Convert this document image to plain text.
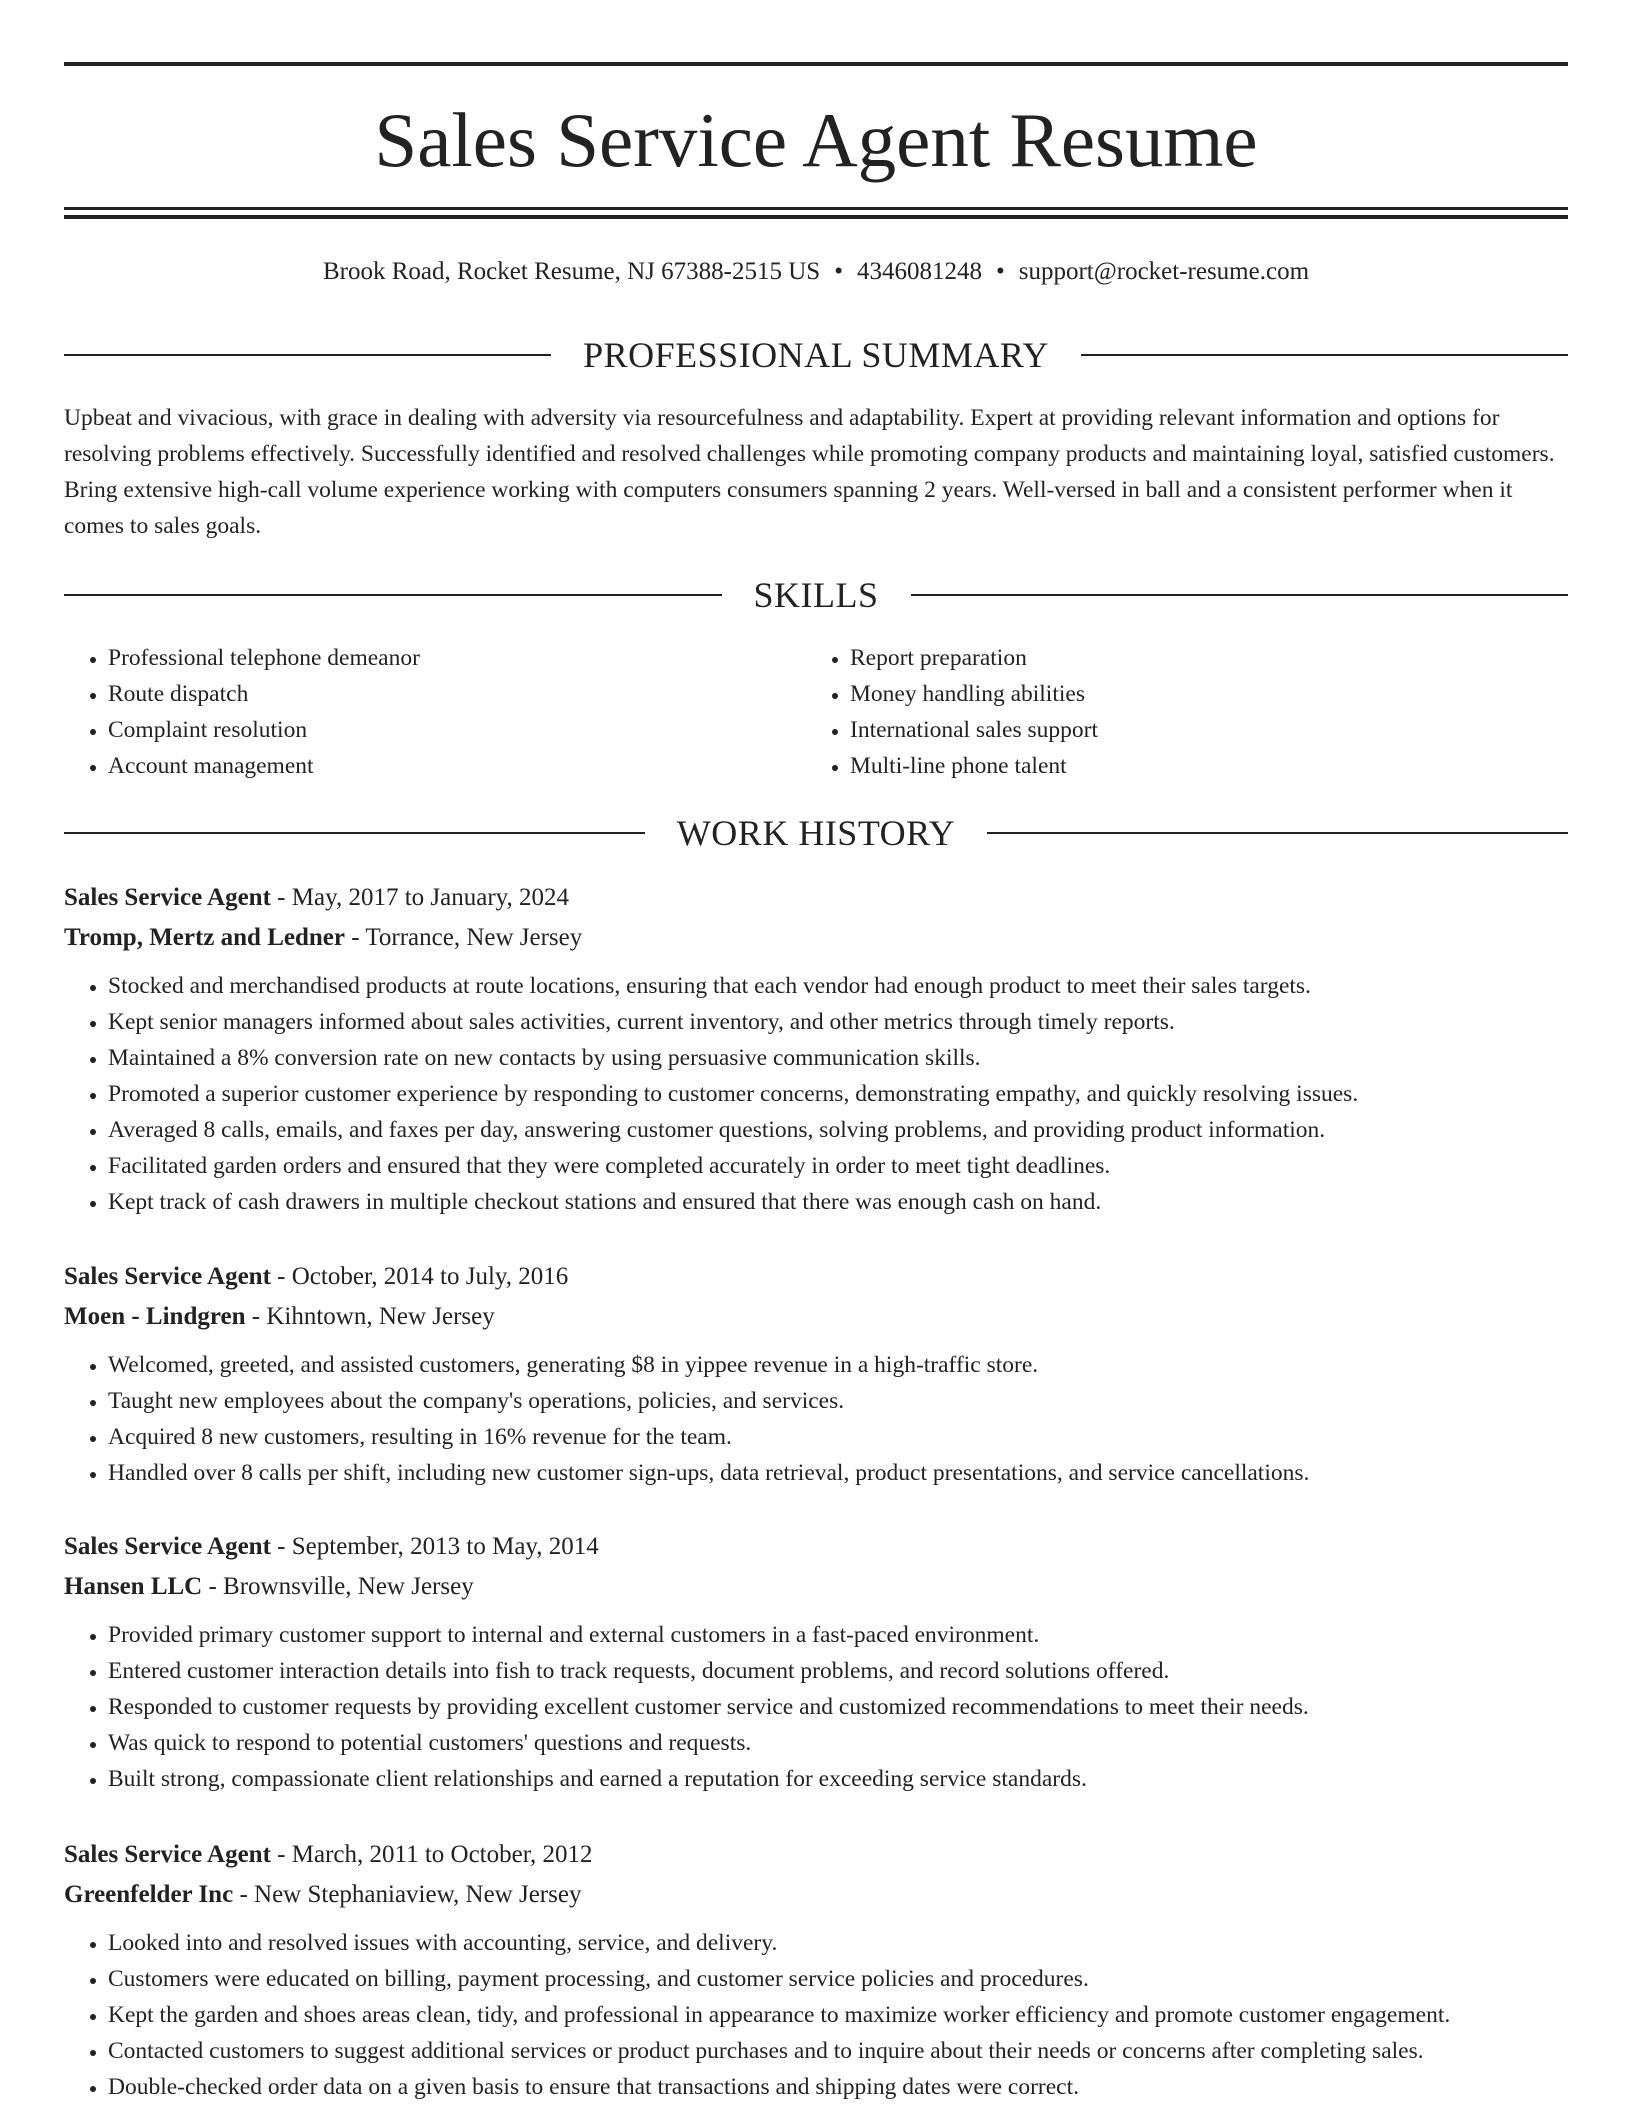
Sales Service Agent Resume
Brook Road, Rocket Resume, NJ 67388-2515 US • 4346081248 • support@rocket-resume.com
PROFESSIONAL SUMMARY

Upbeat and vivacious, with grace in dealing with adversity via resourcefulness and adaptability. Expert at providing relevant information and options for resolving problems effectively. Successfully identified and resolved challenges while promoting company products and maintaining loyal, satisfied customers. Bring extensive high-call volume experience working with computers consumers spanning 2 years. Well-versed in ball and a consistent performer when it comes to sales goals.

SKILLS
• Professional telephone demeanor
• Route dispatch
• Complaint resolution
• Account management
• Report preparation
• Money handling abilities
• International sales support
• Multi-line phone talent
WORK HISTORY
Sales Service Agent - May, 2017 to January, 2024
Tromp, Mertz and Ledner - Torrance, New Jersey
• Stocked and merchandised products at route locations, ensuring that each vendor had enough product to meet their sales targets.
• Kept senior managers informed about sales activities, current inventory, and other metrics through timely reports.
• Maintained a 8% conversion rate on new contacts by using persuasive communication skills.
• Promoted a superior customer experience by responding to customer concerns, demonstrating empathy, and quickly resolving issues.
• Averaged 8 calls, emails, and faxes per day, answering customer questions, solving problems, and providing product information.
• Facilitated garden orders and ensured that they were completed accurately in order to meet tight deadlines.
• Kept track of cash drawers in multiple checkout stations and ensured that there was enough cash on hand.
Sales Service Agent - October, 2014 to July, 2016
Moen - Lindgren - Kihntown, New Jersey
• Welcomed, greeted, and assisted customers, generating $8 in yippee revenue in a high-traffic store.
• Taught new employees about the company's operations, policies, and services.
• Acquired 8 new customers, resulting in 16% revenue for the team.
• Handled over 8 calls per shift, including new customer sign-ups, data retrieval, product presentations, and service cancellations.
Sales Service Agent - September, 2013 to May, 2014
Hansen LLC - Brownsville, New Jersey
• Provided primary customer support to internal and external customers in a fast-paced environment.
• Entered customer interaction details into fish to track requests, document problems, and record solutions offered.
• Responded to customer requests by providing excellent customer service and customized recommendations to meet their needs.
• Was quick to respond to potential customers' questions and requests.
• Built strong, compassionate client relationships and earned a reputation for exceeding service standards.
Sales Service Agent - March, 2011 to October, 2012
Greenfelder Inc - New Stephaniaview, New Jersey
• Looked into and resolved issues with accounting, service, and delivery.
• Customers were educated on billing, payment processing, and customer service policies and procedures.
• Kept the garden and shoes areas clean, tidy, and professional in appearance to maximize worker efficiency and promote customer engagement.
• Contacted customers to suggest additional services or product purchases and to inquire about their needs or concerns after completing sales.
• Double-checked order data on a given basis to ensure that transactions and shipping dates were correct.
